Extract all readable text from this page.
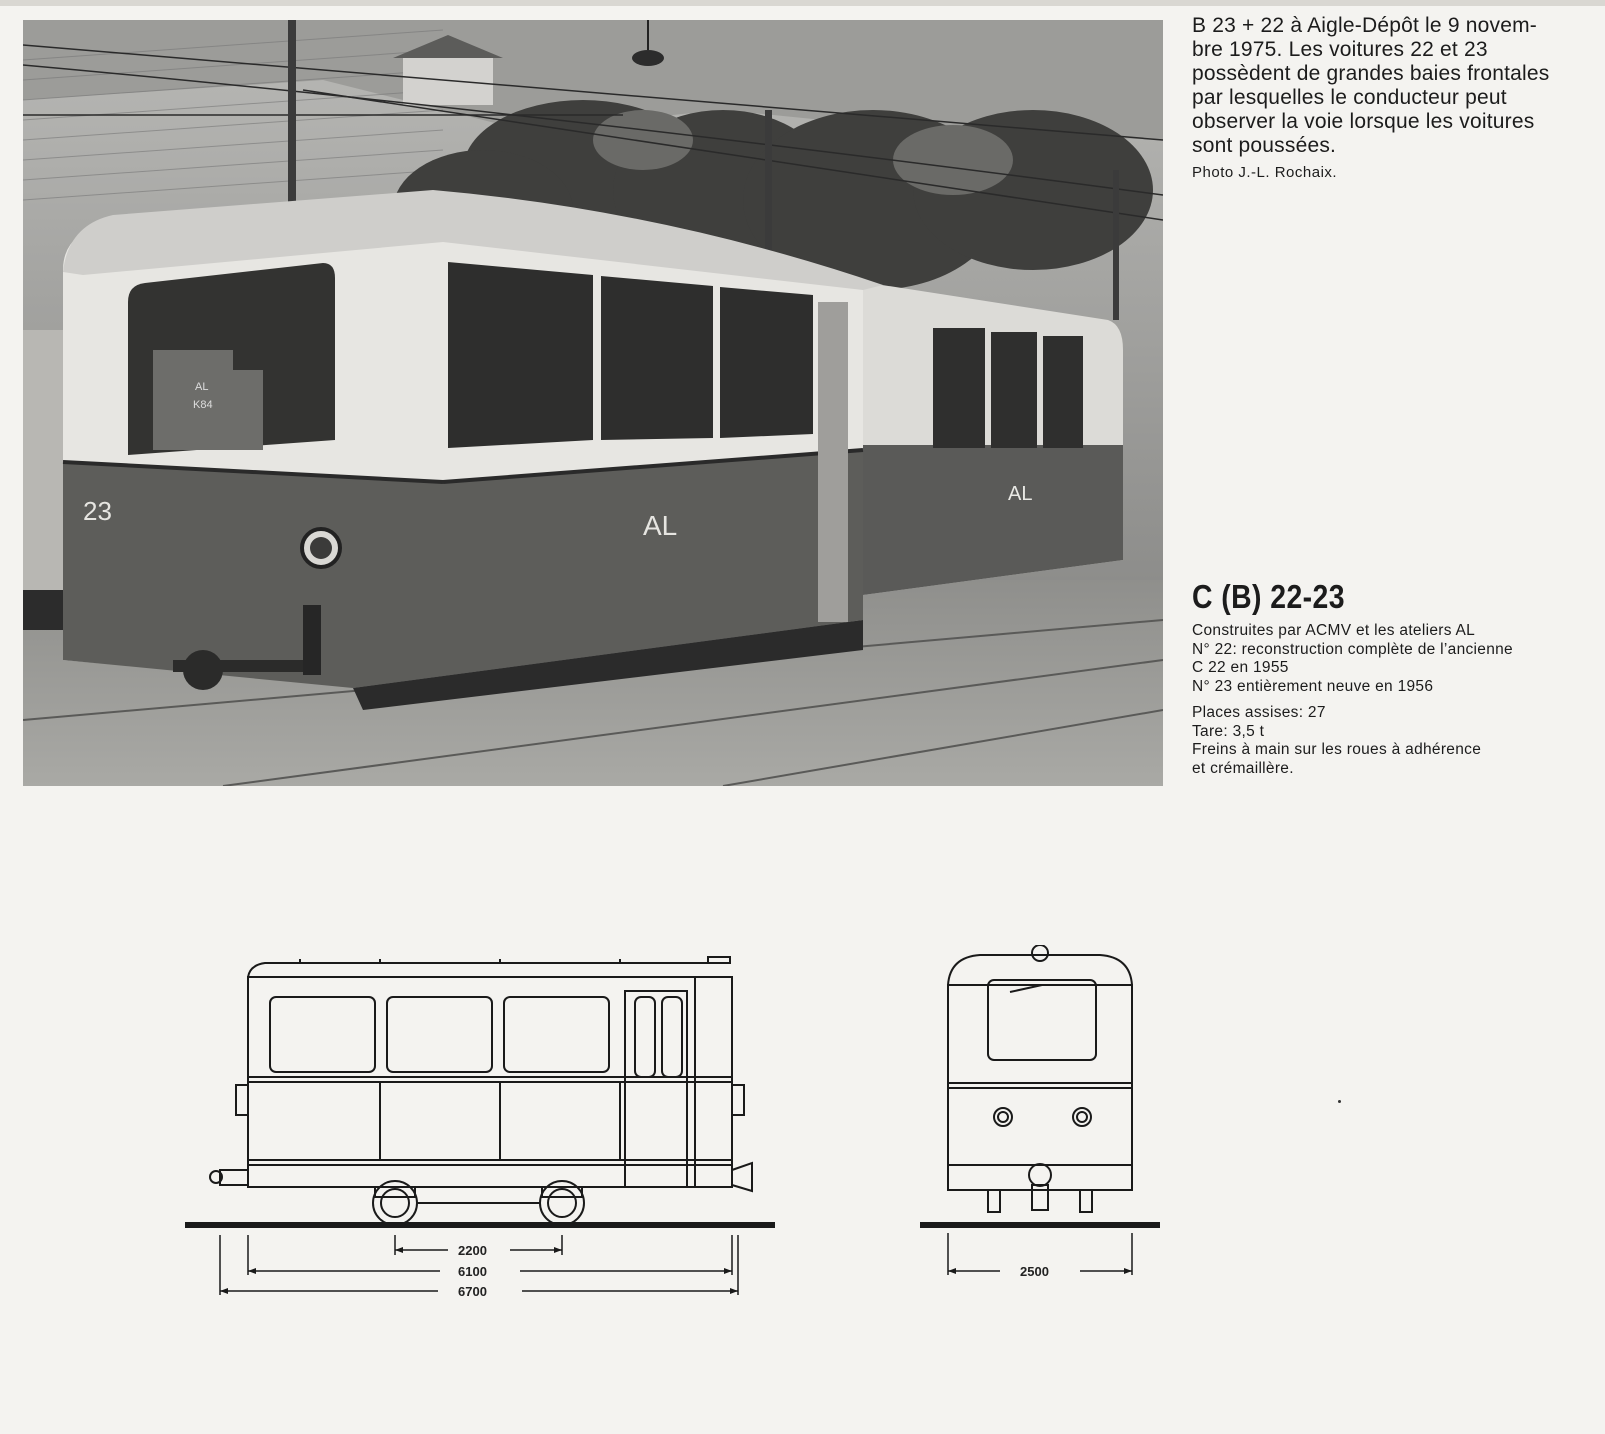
AL
23	AL
AL
K84

B 23 + 22 à Aigle-Dépôt le 9 novem-

bre 1975. Les voitures 22 et 23

possèdent de grandes baies frontales

par lesquelles le conducteur peut

observer la voie lorsque les voitures

sont poussées.

Photo J.-L. Rochaix.
C (B) 22-23
Construites par ACMV et les ateliers AL
N° 22: reconstruction complète de l’ancienne
C 22 en 1955
N° 23 entièrement neuve en 1956
Places assises: 27
Tare: 3,5 t
Freins à main sur les roues à adhérence
et crémaillère.
2200
6100
6700
2500
